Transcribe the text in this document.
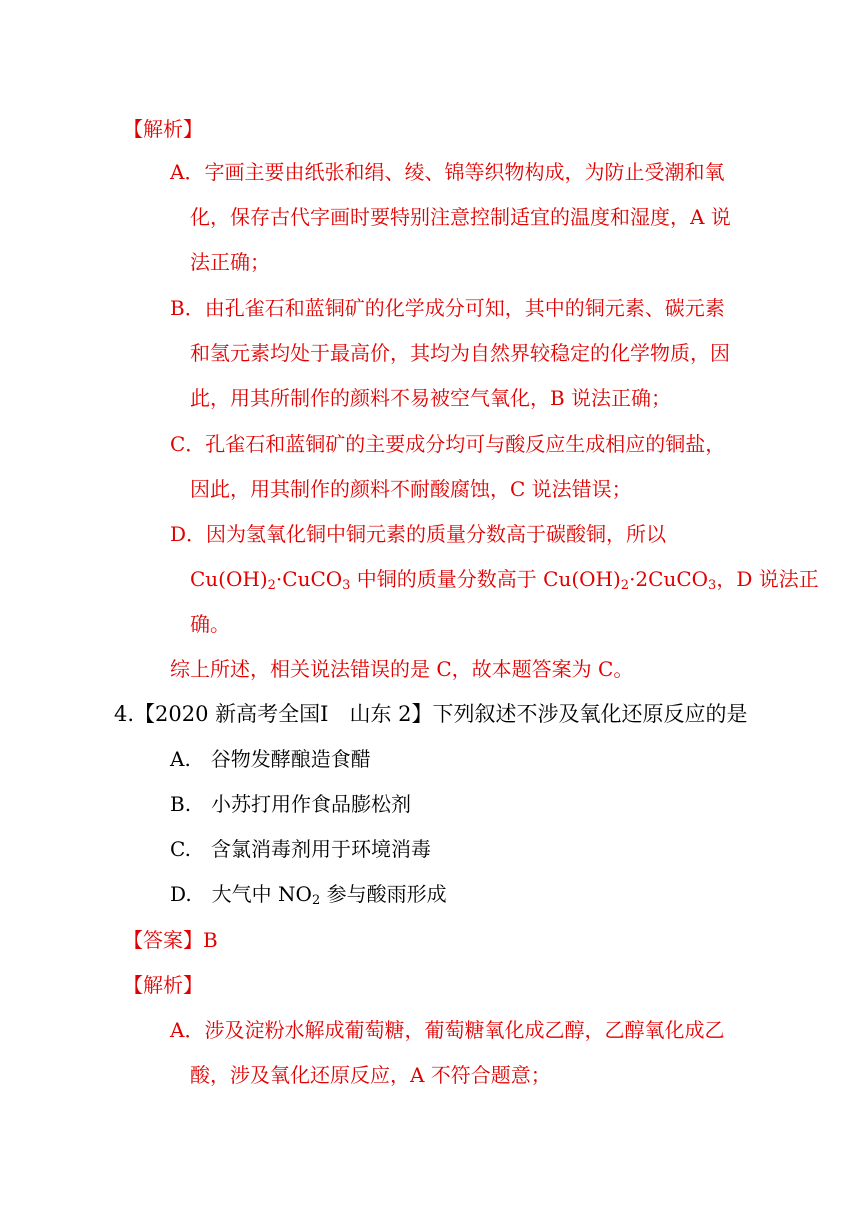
【解析】
A．字画主要由纸张和绢、绫、锦等织物构成，为防止受潮和氧
化，保存古代字画时要特别注意控制适宜的温度和湿度，A 说
法正确；
B．由孔雀石和蓝铜矿的化学成分可知，其中的铜元素、碳元素
和氢元素均处于最高价，其均为自然界较稳定的化学物质，因
此，用其所制作的颜料不易被空气氧化，B 说法正确；
C．孔雀石和蓝铜矿的主要成分均可与酸反应生成相应的铜盐，
因此，用其制作的颜料不耐酸腐蚀，C 说法错误；
D．因为氢氧化铜中铜元素的质量分数高于碳酸铜，所以
$Cu(OH)_2\cdot CuCO_3$ 中铜的质量分数高于 $Cu(OH)_2\cdot 2CuCO_3$，D 说法正
确。
综上所述，相关说法错误的是 C，故本题答案为 C。
4.【2020 新高考全国Ⅰ　山东 2】下列叙述不涉及氧化还原反应的是
A.　谷物发酵酿造食醋
B.　小苏打用作食品膨松剂
C.　含氯消毒剂用于环境消毒
D.　大气中 $NO_2$ 参与酸雨形成
【答案】B
【解析】
A．涉及淀粉水解成葡萄糖，葡萄糖氧化成乙醇，乙醇氧化成乙
酸，涉及氧化还原反应，A 不符合题意；
